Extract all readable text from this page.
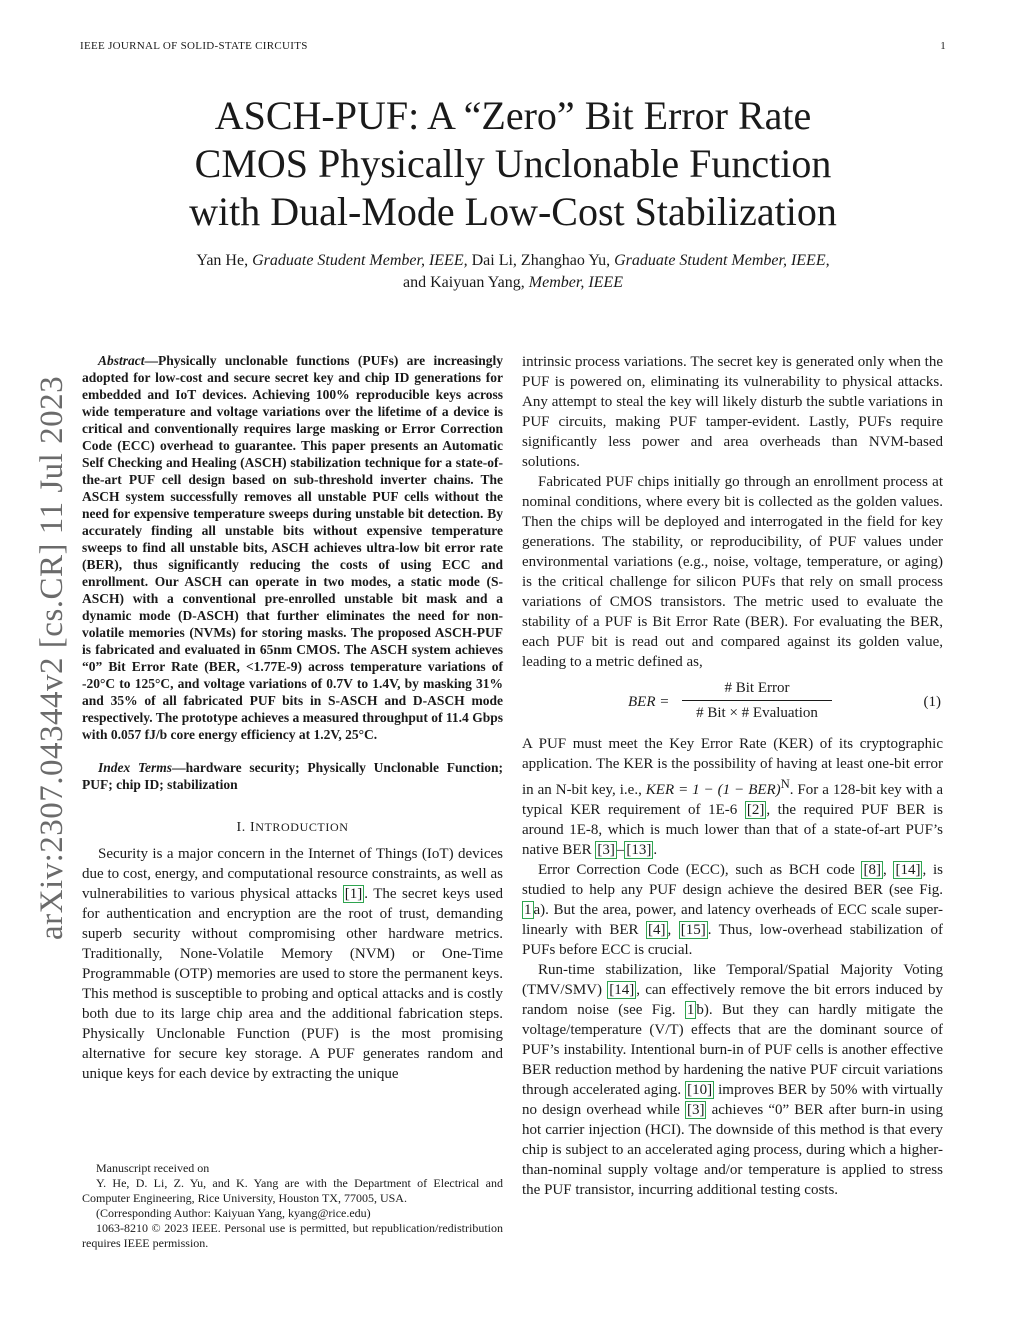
IEEE JOURNAL OF SOLID-STATE CIRCUITS	1
arXiv:2307.04344v2 [cs.CR] 11 Jul 2023
ASCH-PUF: A “Zero” Bit Error Rate
CMOS Physically Unclonable Function
with Dual-Mode Low-Cost Stabilization
Yan He, Graduate Student Member, IEEE, Dai Li, Zhanghao Yu, Graduate Student Member, IEEE,
and Kaiyuan Yang, Member, IEEE

Abstract—Physically unclonable functions (PUFs) are increasingly adopted for low-cost and secure secret key and chip ID generations for embedded and IoT devices. Achieving 100% reproducible keys across wide temperature and voltage variations over the lifetime of a device is critical and conventionally requires large masking or Error Correction Code (ECC) overhead to guarantee. This paper presents an Automatic Self Checking and Healing (ASCH) stabilization technique for a state-of-the-art PUF cell design based on sub-threshold inverter chains. The ASCH system successfully removes all unstable PUF cells without the need for expensive temperature sweeps during unstable bit detection. By accurately finding all unstable bits without expensive temperature sweeps to find all unstable bits, ASCH achieves ultra-low bit error rate (BER), thus significantly reducing the costs of using ECC and enrollment. Our ASCH can operate in two modes, a static mode (S-ASCH) with a conventional pre-enrolled unstable bit mask and a dynamic mode (D-ASCH) that further eliminates the need for non-volatile memories (NVMs) for storing masks. The proposed ASCH-PUF is fabricated and evaluated in 65nm CMOS. The ASCH system achieves “0” Bit Error Rate (BER, <1.77E-9) across temperature variations of -20°C to 125°C, and voltage variations of 0.7V to 1.4V, by masking 31% and 35% of all fabricated PUF bits in S-ASCH and D-ASCH mode respectively. The prototype achieves a measured throughput of 11.4 Gbps with 0.057 fJ/b core energy efficiency at 1.2V, 25°C.

Index Terms—hardware security; Physically Unclonable Function; PUF; chip ID; stabilization

I. INTRODUCTION

Security is a major concern in the Internet of Things (IoT) devices due to cost, energy, and computational resource constraints, as well as vulnerabilities to various physical attacks [1] . The secret keys used for authentication and encryption are the root of trust, demanding superb security without compromising other hardware metrics. Traditionally, None-Volatile Memory (NVM) or One-Time Programmable (OTP) memories are used to store the permanent keys. This method is susceptible to probing and optical attacks and is costly both due to its large chip area and the additional fabrication steps. Physically Unclonable Function (PUF) is the most promising alternative for secure key storage. A PUF generates random and unique keys for each device by extracting the unique

Manuscript received on

Y. He, D. Li, Z. Yu, and K. Yang are with the Department of Electrical and Computer Engineering, Rice University, Houston TX, 77005, USA.

(Corresponding Author: Kaiyuan Yang, kyang@rice.edu)

1063-8210 © 2023 IEEE. Personal use is permitted, but republication/redistribution requires IEEE permission.

intrinsic process variations. The secret key is generated only when the PUF is powered on, eliminating its vulnerability to physical attacks. Any attempt to steal the key will likely disturb the subtle variations in PUF circuits, making PUF tamper-evident. Lastly, PUFs require significantly less power and area overheads than NVM-based solutions.

Fabricated PUF chips initially go through an enrollment process at nominal conditions, where every bit is collected as the golden values. Then the chips will be deployed and interrogated in the field for key generations. The stability, or reproducibility, of PUF values under environmental variations (e.g., noise, voltage, temperature, or aging) is the critical challenge for silicon PUFs that rely on small process variations of CMOS transistors. The metric used to evaluate the stability of a PUF is Bit Error Rate (BER). For evaluating the BER, each PUF bit is read out and compared against its golden value, leading to a metric defined as,

BER =
# Bit Error
# Bit × # Evaluation
(1)

A PUF must meet the Key Error Rate (KER) of its cryptographic application. The KER is the possibility of having at least one-bit error in an N-bit key, i.e., KER = 1 − (1 − BER)$^N$. For a 128-bit key with a typical KER requirement of 1E-6 [2] , the required PUF BER is around 1E-8, which is much lower than that of a state-of-art PUF’s native BER [3] – [13] .

Error Correction Code (ECC), such as BCH code [8] , [14] , is studied to help any PUF design achieve the desired BER (see Fig. 1 a). But the area, power, and latency overheads of ECC scale super-linearly with BER [4] , [15] . Thus, low-overhead stabilization of PUFs before ECC is crucial.

Run-time stabilization, like Temporal/Spatial Majority Voting (TMV/SMV) [14] , can effectively remove the bit errors induced by random noise (see Fig. 1 b). But they can hardly mitigate the voltage/temperature (V/T) effects that are the dominant source of PUF’s instability. Intentional burn-in of PUF cells is another effective BER reduction method by hardening the native PUF circuit variations through accelerated aging. [10] improves BER by 50% with virtually no design overhead while [3] achieves “0” BER after burn-in using hot carrier injection (HCI). The downside of this method is that every chip is subject to an accelerated aging process, during which a higher-than-nominal supply voltage and/or temperature is applied to stress the PUF transistor, incurring additional testing costs.
